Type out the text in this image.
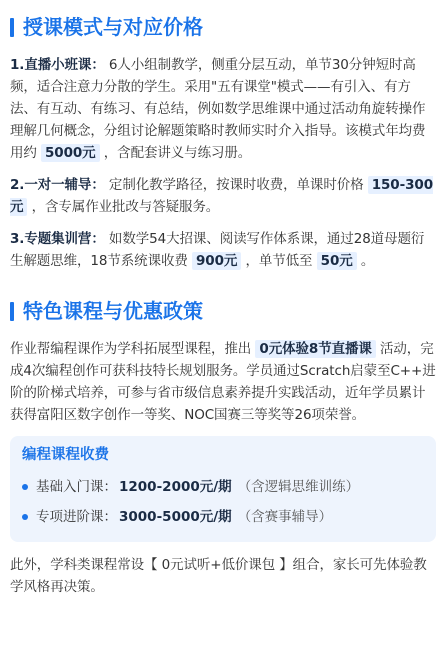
授课模式与对应价格

1.直播小班课： 6人小组制教学，侧重分层互动，单节30分钟短时高频，适合注意力分散的学生。采用"五有课堂"模式——有引入、有方法、有互动、有练习、有总结，例如数学思维课中通过活动角旋转操作理解几何概念，分组讨论解题策略时教师实时介入指导。该模式年均费用约 5000元 ，含配套讲义与练习册。

2.一对一辅导： 定制化教学路径，按课时收费，单课时价格 150-300元 ，含专属作业批改与答疑服务。

3.专题集训营： 如数学54大招课、阅读写作体系课，通过28道母题衍生解题思维，18节系统课收费 900元 ，单节低至 50元 。

特色课程与优惠政策

作业帮编程课作为学科拓展型课程，推出 0元体验8节直播课 活动，完成4次编程创作可获科技特长规划服务。学员通过Scratch启蒙至C++进阶的阶梯式培养，可参与省市级信息素养提升实践活动，近年学员累计获得富阳区数字创作一等奖、NOC国赛三等奖等26项荣誉。

编程课程收费
基础入门课： 1200-2000元/期 （含逻辑思维训练）
专项进阶课： 3000-5000元/期 （含赛事辅导）

此外，学科类课程常设【 0元试听+低价课包 】组合，家长可先体验教学风格再决策。
